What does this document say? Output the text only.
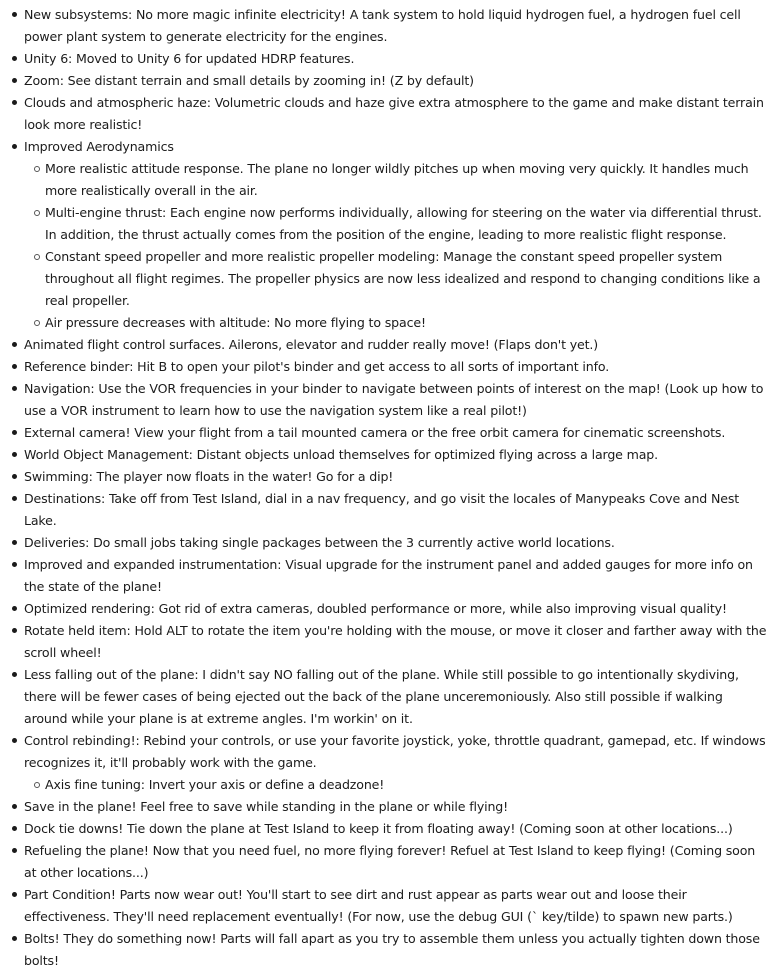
New subsystems: No more magic infinite electricity! A tank system to hold liquid hydrogen fuel, a hydrogen fuel cell power plant system to generate electricity for the engines.
Unity 6: Moved to Unity 6 for updated HDRP features.
Zoom: See distant terrain and small details by zooming in! (Z by default)
Clouds and atmospheric haze: Volumetric clouds and haze give extra atmosphere to the game and make distant terrain look more realistic!
Improved Aerodynamics
More realistic attitude response. The plane no longer wildly pitches up when moving very quickly. It handles much more realistically overall in the air.
Multi-engine thrust: Each engine now performs individually, allowing for steering on the water via differential thrust. In addition, the thrust actually comes from the position of the engine, leading to more realistic flight response.
Constant speed propeller and more realistic propeller modeling: Manage the constant speed propeller system throughout all flight regimes. The propeller physics are now less idealized and respond to changing conditions like a real propeller.
Air pressure decreases with altitude: No more flying to space!
Animated flight control surfaces. Ailerons, elevator and rudder really move! (Flaps don't yet.)
Reference binder: Hit B to open your pilot's binder and get access to all sorts of important info.
Navigation: Use the VOR frequencies in your binder to navigate between points of interest on the map! (Look up how to use a VOR instrument to learn how to use the navigation system like a real pilot!)
External camera! View your flight from a tail mounted camera or the free orbit camera for cinematic screenshots.
World Object Management: Distant objects unload themselves for optimized flying across a large map.
Swimming: The player now floats in the water! Go for a dip!
Destinations: Take off from Test Island, dial in a nav frequency, and go visit the locales of Manypeaks Cove and Nest Lake.
Deliveries: Do small jobs taking single packages between the 3 currently active world locations.
Improved and expanded instrumentation: Visual upgrade for the instrument panel and added gauges for more info on the state of the plane!
Optimized rendering: Got rid of extra cameras, doubled performance or more, while also improving visual quality!
Rotate held item: Hold ALT to rotate the item you're holding with the mouse, or move it closer and farther away with the scroll wheel!
Less falling out of the plane: I didn't say NO falling out of the plane. While still possible to go intentionally skydiving, there will be fewer cases of being ejected out the back of the plane unceremoniously. Also still possible if walking around while your plane is at extreme angles. I'm workin' on it.
Control rebinding!: Rebind your controls, or use your favorite joystick, yoke, throttle quadrant, gamepad, etc. If windows recognizes it, it'll probably work with the game.
Axis fine tuning: Invert your axis or define a deadzone!
Save in the plane! Feel free to save while standing in the plane or while flying!
Dock tie downs! Tie down the plane at Test Island to keep it from floating away! (Coming soon at other locations...)
Refueling the plane! Now that you need fuel, no more flying forever! Refuel at Test Island to keep flying! (Coming soon at other locations...)
Part Condition! Parts now wear out! You'll start to see dirt and rust appear as parts wear out and loose their effectiveness. They'll need replacement eventually! (For now, use the debug GUI (` key/tilde) to spawn new parts.)
Bolts! They do something now! Parts will fall apart as you try to assemble them unless you actually tighten down those bolts!
